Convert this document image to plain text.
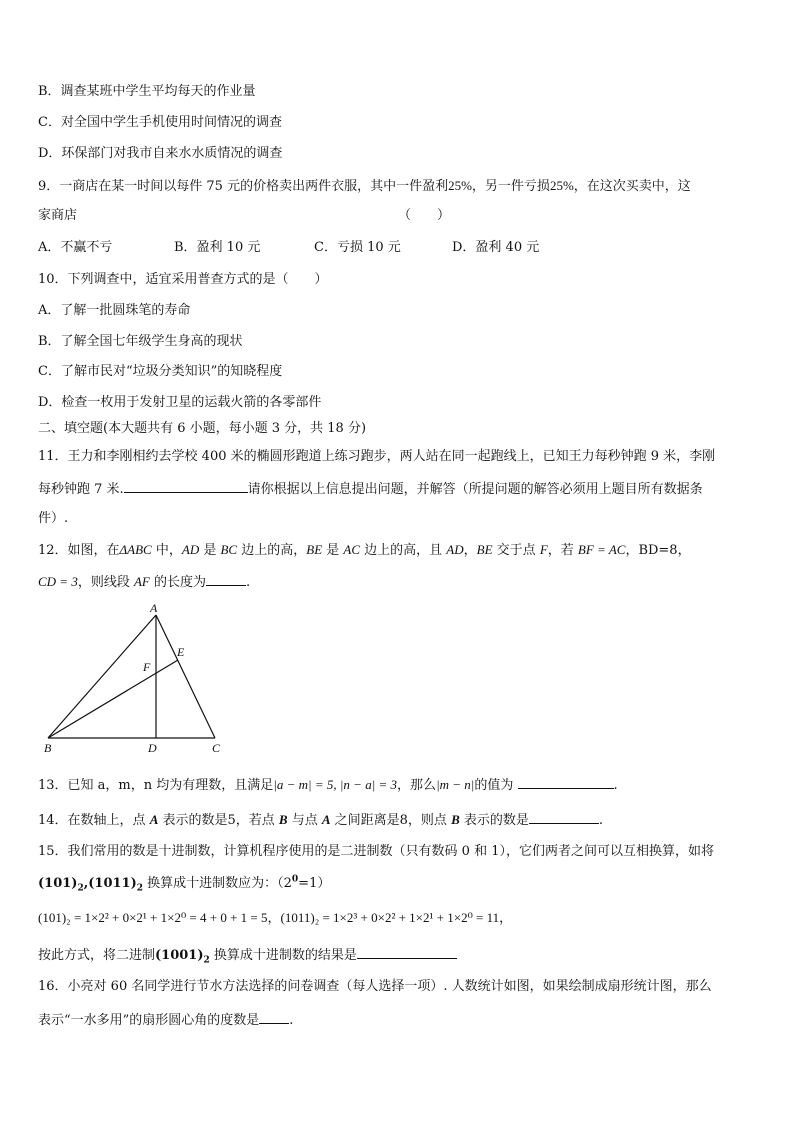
B．调查某班中学生平均每天的作业量
C．对全国中学生手机使用时间情况的调查
D．环保部门对我市自来水水质情况的调查
9．一商店在某一时间以每件 75 元的价格卖出两件衣服，其中一件盈利25%，另一件亏损25%，在这次买卖中，这
家商店	（　　）
A．不赢不亏	B．盈利 10 元	C．亏损 10 元	D．盈利 40 元
10．下列调查中，适宜采用普查方式的是（　　）
A．了解一批圆珠笔的寿命
B．了解全国七年级学生身高的现状
C．了解市民对“垃圾分类知识”的知晓程度
D．检查一枚用于发射卫星的运载火箭的各零部件
二、填空题(本大题共有 6 小题，每小题 3 分，共 18 分)
11．王力和李刚相约去学校 400 米的椭圆形跑道上练习跑步，两人站在同一起跑线上，已知王力每秒钟跑 9 米，李刚
每秒钟跑 7 米.	请你根据以上信息提出问题，并解答（所提问题的解答必须用上题目所有数据条
件）.
12．如图，在ΔABC 中，AD 是 BC 边上的高，BE 是 AC 边上的高，且 AD，BE 交于点 F，若 BF = AC，BD=8，
CD = 3，则线段 AF 的长度为	.
A
E
F
B	D	C
13．已知 a，m，n 均为有理数，且满足|a − m| = 5, |n − a| = 3，那么|m − n|的值为	.
14．在数轴上，点 A 表示的数是5，若点 B 与点 A 之间距离是8，则点 B 表示的数是	.
15．我们常用的数是十进制数，计算机程序使用的是二进制数（只有数码 0 和 1），它们两者之间可以互相换算，如将
$(101)_2,(1011)_2$ 换算成十进制数应为：$(2^0=1)$
(101)₂ = 1×2² + 0×2¹ + 1×2⁰ = 4 + 0 + 1 = 5，(1011)₂ = 1×2³ + 0×2² + 1×2¹ + 1×2⁰ = 11，
按此方式，将二进制$(1001)_2$ 换算成十进制数的结果是
16．小亮对 60 名同学进行节水方法选择的问卷调查（每人选择一项）. 人数统计如图，如果绘制成扇形统计图，那么
表示“一水多用”的扇形圆心角的度数是 .
